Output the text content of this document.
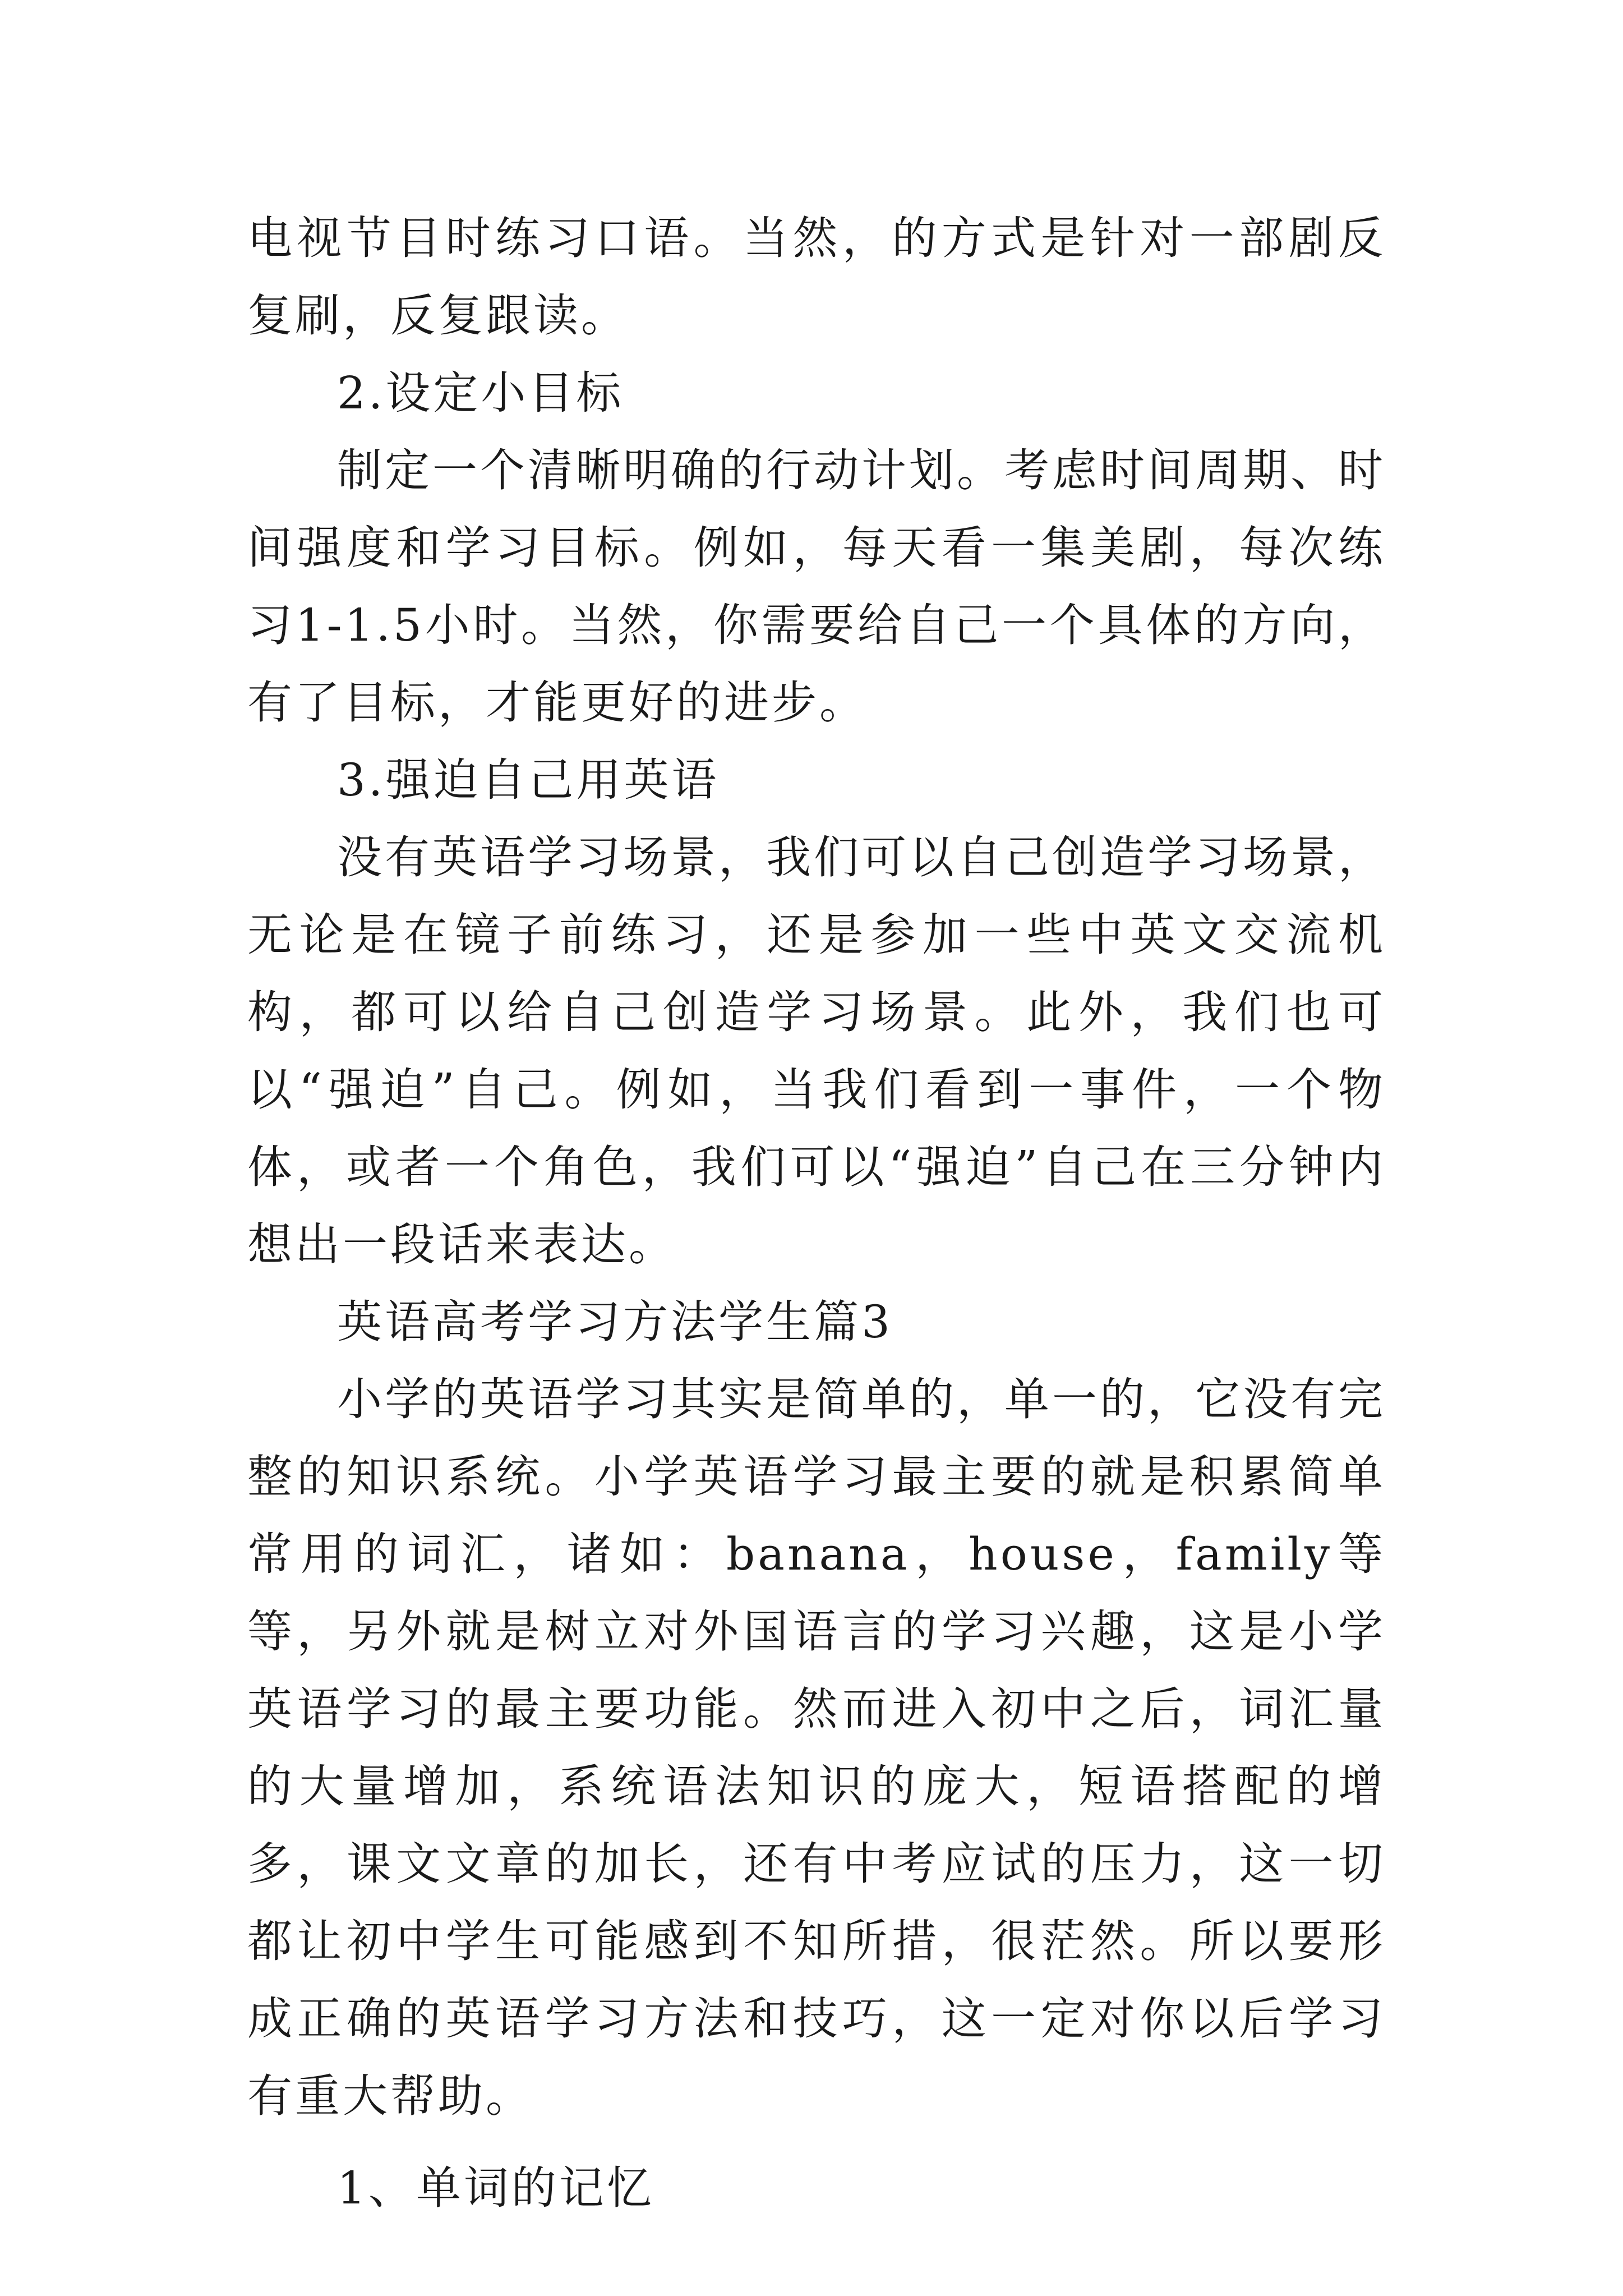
电视节目时练习口语。当然，的方式是针对一部剧反复刷，反复跟读。

2.设定小目标

制定一个清晰明确的行动计划。考虑时间周期、时间强度和学习目标。例如，每天看一集美剧，每次练习1-1.5小时。当然，你需要给自己一个具体的方向，有了目标，才能更好的进步。

3.强迫自己用英语

没有英语学习场景，我们可以自己创造学习场景，无论是在镜子前练习，还是参加一些中英文交流机构，都可以给自己创造学习场景。此外，我们也可以“强迫”自己。例如，当我们看到一事件，一个物体，或者一个角色，我们可以“强迫”自己在三分钟内想出一段话来表达。

英语高考学习方法学生篇3

小学的英语学习其实是简单的，单一的，它没有完整的知识系统。小学英语学习最主要的就是积累简单常用的词汇，诸如：banana，house，family等等，另外就是树立对外国语言的学习兴趣，这是小学英语学习的最主要功能。然而进入初中之后，词汇量的大量增加，系统语法知识的庞大，短语搭配的增多，课文文章的加长，还有中考应试的压力，这一切都让初中学生可能感到不知所措，很茫然。所以要形成正确的英语学习方法和技巧，这一定对你以后学习有重大帮助。

1、单词的记忆
